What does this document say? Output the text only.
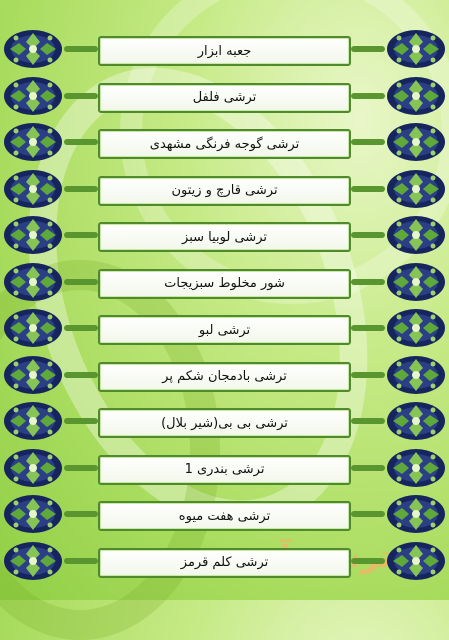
جعبه ابزار
ترشی فلفل
ترشی گوجه فرنگی مشهدی
ترشی قارچ و زیتون
ترشی لوبیا سبز
شور مخلوط سبزیجات
ترشی لبو
ترشی بادمجان شکم پر
ترشی بی بی(شیر بلال)
ترشی بندری 1
ترشی هفت میوه
ترشی کلم قرمز
